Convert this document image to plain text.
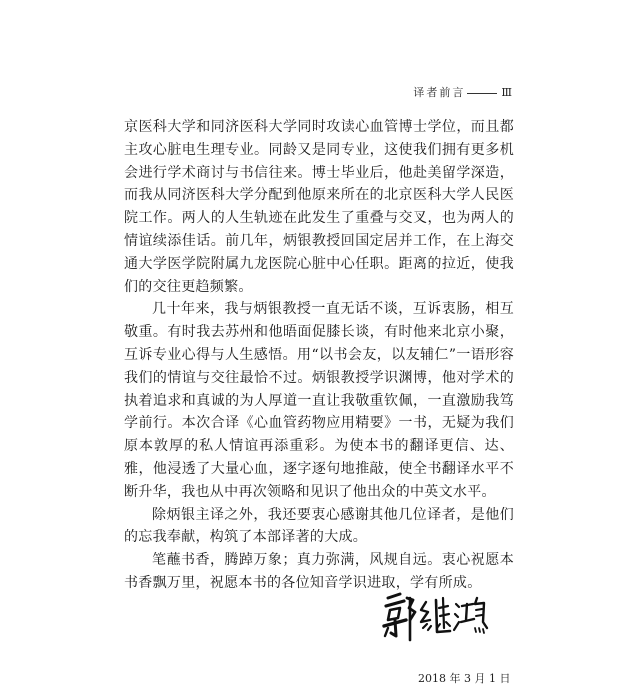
译者前言	Ⅲ

京医科大学和同济医科大学同时攻读心血管博士学位，而且都主攻心脏电生理专业。同龄又是同专业，这使我们拥有更多机会进行学术商讨与书信往来。博士毕业后，他赴美留学深造，而我从同济医科大学分配到他原来所在的北京医科大学人民医院工作。两人的人生轨迹在此发生了重叠与交叉，也为两人的情谊续添佳话。前几年，炳银教授回国定居并工作，在上海交通大学医学院附属九龙医院心脏中心任职。距离的拉近，使我们的交往更趋频繁。

几十年来，我与炳银教授一直无话不谈，互诉衷肠，相互敬重。有时我去苏州和他晤面促膝长谈，有时他来北京小聚，互诉专业心得与人生感悟。用“以书会友，以友辅仁”一语形容我们的情谊与交往最恰不过。炳银教授学识渊博，他对学术的执着追求和真诚的为人厚道一直让我敬重钦佩，一直激励我笃学前行。本次合译《心血管药物应用精要》一书，无疑为我们原本敦厚的私人情谊再添重彩。为使本书的翻译更信、达、雅，他浸透了大量心血，逐字逐句地推敲，使全书翻译水平不断升华，我也从中再次领略和见识了他出众的中英文水平。

除炳银主译之外，我还要衷心感谢其他几位译者，是他们的忘我奉献，构筑了本部译著的大成。

笔蘸书香，腾踔万象；真力弥满，风规自远。衷心祝愿本书香飘万里，祝愿本书的各位知音学识进取，学有所成。

2018 年 3 月 1 日
